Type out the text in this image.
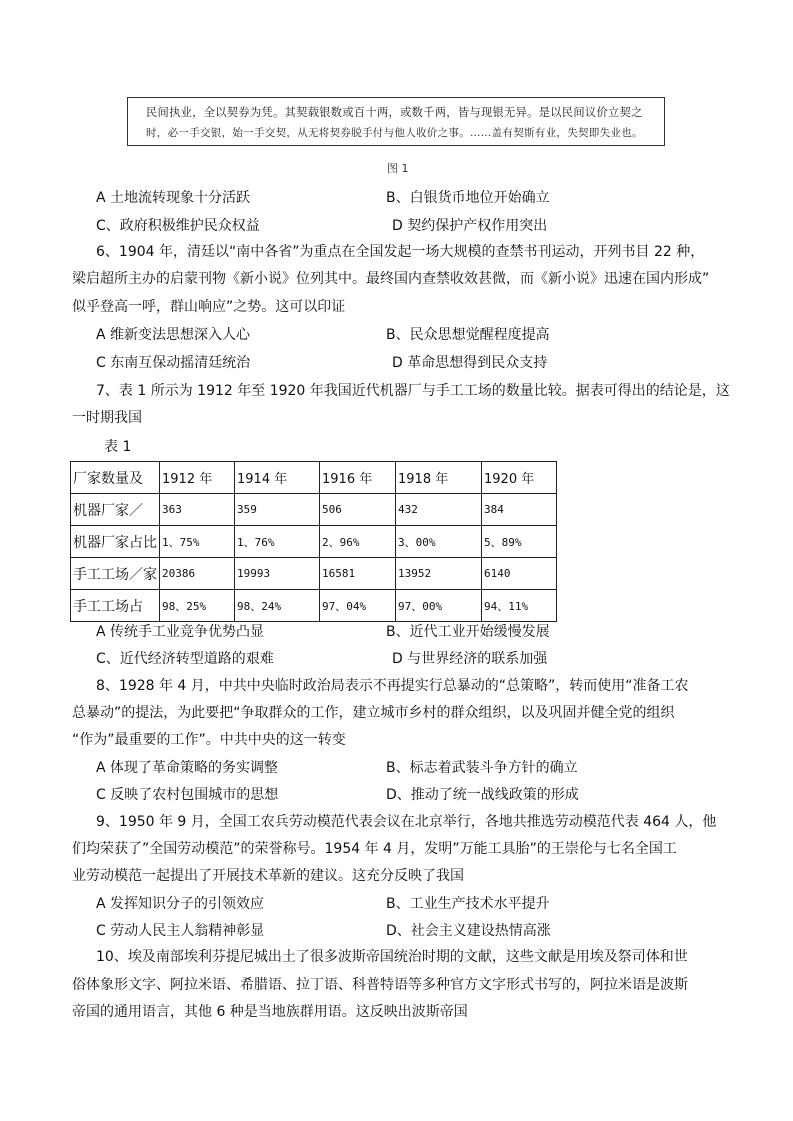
民间执业，全以契券为凭。其契载银数或百十两，或数千两，皆与现银无异。是以民间议价立契之
时，必一手交银，始一手交契，从无将契券脱手付与他人收价之事。……盖有契斯有业，失契即失业也。
图 1
A 土地流转现象十分活跃	B、白银货币地位开始确立
C、政府积极维护民众权益	D 契约保护产权作用突出
6、1904 年，清廷以“南中各省”为重点在全国发起一场大规模的查禁书刊运动，开列书目 22 种，
梁启超所主办的启蒙刊物《新小说》位列其中。最终国内查禁收效甚微，而《新小说》迅速在国内形成”
似乎登高一呼，群山响应”之势。这可以印证
A 维新变法思想深入人心	B、民众思想觉醒程度提高
C 东南互保动摇清廷统治	D 革命思想得到民众支持
7、表 1 所示为 1912 年至 1920 年我国近代机器厂与手工工场的数量比较。据表可得出的结论是，这
一时期我国
表 1
厂家数量及	1912 年	1914 年	1916 年	1918 年	1920 年
机器厂家／	363	359	506	432	384
机器厂家占比	1、75%	1、76%	2、96%	3、00%	5、89%
手工工场／家	20386	19993	16581	13952	6140
手工工场占	98、25%	98、24%	97、04%	97、00%	94、11%
A 传统手工业竞争优势凸显	B、近代工业开始缓慢发展
C、近代经济转型道路的艰难	D 与世界经济的联系加强
8、1928 年 4 月，中共中央临时政治局表示不再提实行总暴动的“总策略”，转而使用“准备工农
总暴动”的提法，为此要把“争取群众的工作，建立城市乡村的群众组织，以及巩固并健全党的组织
“作为”最重要的工作”。中共中央的这一转变
A 体现了革命策略的务实调整	B、标志着武装斗争方针的确立
C 反映了农村包围城市的思想	D、推动了统一战线政策的形成
9、1950 年 9 月，全国工农兵劳动模范代表会议在北京举行，各地共推选劳动模范代表 464 人，他
们均荣获了”全国劳动模范”的荣誉称号。1954 年 4 月，发明”万能工具胎”的王崇伦与七名全国工
业劳动模范一起提出了开展技术革新的建议。这充分反映了我国
A 发挥知识分子的引领效应	B、工业生产技术水平提升
C 劳动人民主人翁精神彰显	D、社会主义建设热情高涨
10、埃及南部埃利芬提尼城出土了很多波斯帝国统治时期的文献，这些文献是用埃及祭司体和世
俗体象形文字、阿拉米语、希腊语、拉丁语、科普特语等多种官方文字形式书写的，阿拉米语是波斯
帝国的通用语言，其他 6 种是当地族群用语。这反映出波斯帝国
